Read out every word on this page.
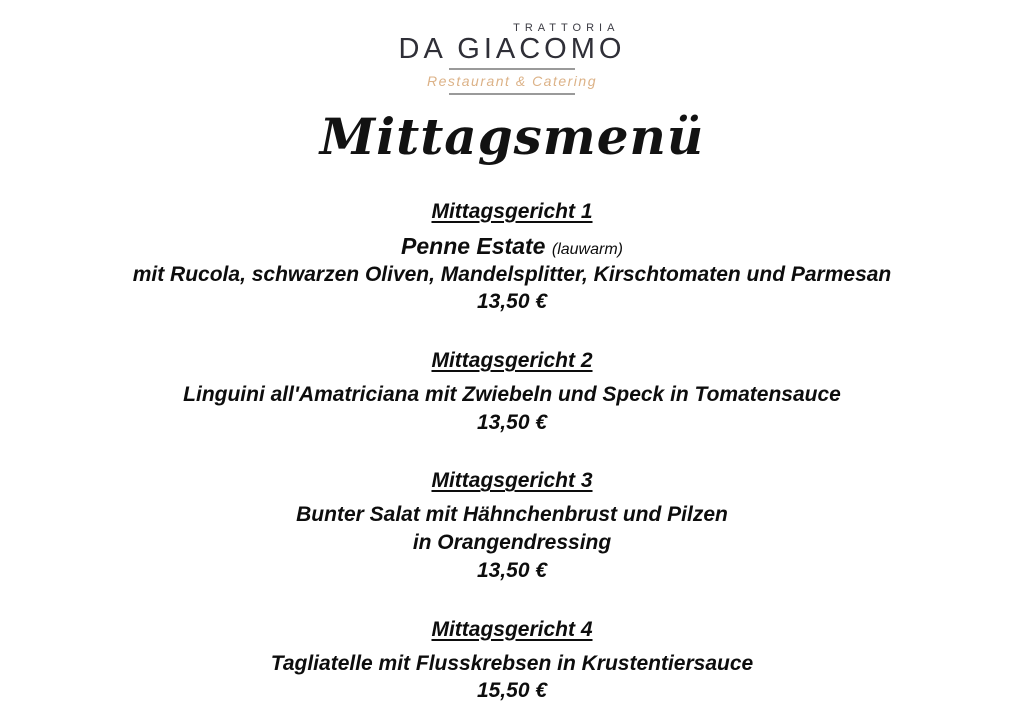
TRATTORIA
DA GIACOMO
Restaurant & Catering
Mittagsmenü
Mittagsgericht 1

Penne Estate (lauwarm)

mit Rucola, schwarzen Oliven, Mandelsplitter, Kirschtomaten und Parmesan

13,50 €

Mittagsgericht 2

Linguini all'Amatriciana mit Zwiebeln und Speck in Tomatensauce

13,50 €

Mittagsgericht 3

Bunter Salat mit Hähnchenbrust und Pilzen

in Orangendressing

13,50 €

Mittagsgericht 4

Tagliatelle mit Flusskrebsen in Krustentiersauce

15,50 €
